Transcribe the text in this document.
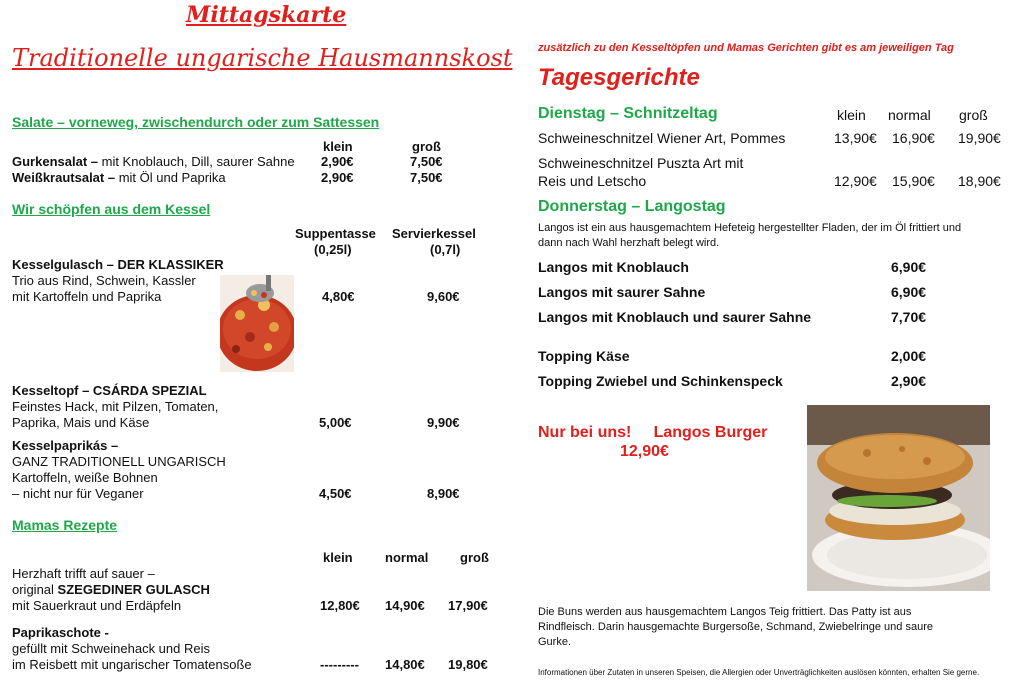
Mittagskarte
Traditionelle ungarische Hausmannskost
Salate – vorneweg, zwischendurch oder zum Sattessen
klein	groß
Gurkensalat – mit Knoblauch, Dill, saurer Sahne 2,90€	7,50€
Weißkrautsalat – mit Öl und Paprika	2,90€	7,50€
Wir schöpfen aus dem Kessel
Suppentasse
(0,25l)
Servierkessel
(0,7l)
Kesselgulasch – DER KLASSIKER
Trio aus Rind, Schwein, Kassler
mit Kartoffeln und Paprika	4,80€	9,60€
Kesseltopf – CSÁRDA SPEZIAL
Feinstes Hack, mit Pilzen, Tomaten,
Paprika, Mais und Käse	5,00€	9,90€
Kesselpaprikás –
GANZ TRADITIONELL UNGARISCH
Kartoffeln, weiße Bohnen
– nicht nur für Veganer	4,50€	8,90€
Mamas Rezepte
klein normal groß
Herzhaft trifft auf sauer –
original SZEGEDINER GULASCH
mit Sauerkraut und Erdäpfeln	12,80€ 14,90€ 17,90€
Paprikaschote -
gefüllt mit Schweinehack und Reis
im Reisbett mit ungarischer Tomatensoße	--------- 14,80€ 19,80€
zusätzlich zu den Kesseltöpfen und Mamas Gerichten gibt es am jeweiligen Tag
Tagesgerichte
Dienstag – Schnitzeltag	klein normal groß
Schweineschnitzel Wiener Art, Pommes	13,90€ 16,90€ 19,90€
Schweineschnitzel Puszta Art mit
Reis und Letscho	12,90€ 15,90€ 18,90€
Donnerstag – Langostag
Langos ist ein aus hausgemachtem Hefeteig hergestellter Fladen, der im Öl frittiert und
dann nach Wahl herzhaft belegt wird.
Langos mit Knoblauch	6,90€
Langos mit saurer Sahne	6,90€
Langos mit Knoblauch und saurer Sahne	7,70€
Topping Käse	2,00€
Topping Zwiebel und Schinkenspeck	2,90€
Nur bei uns!     Langos Burger
12,90€
Die Buns werden aus hausgemachtem Langos Teig frittiert. Das Patty ist aus
Rindfleisch. Darin hausgemachte Burgersoße, Schmand, Zwiebelringe und saure
Gurke.
Informationen über Zutaten in unseren Speisen, die Allergien oder Unverträglichkeiten auslösen könnten, erhalten Sie gerne.
